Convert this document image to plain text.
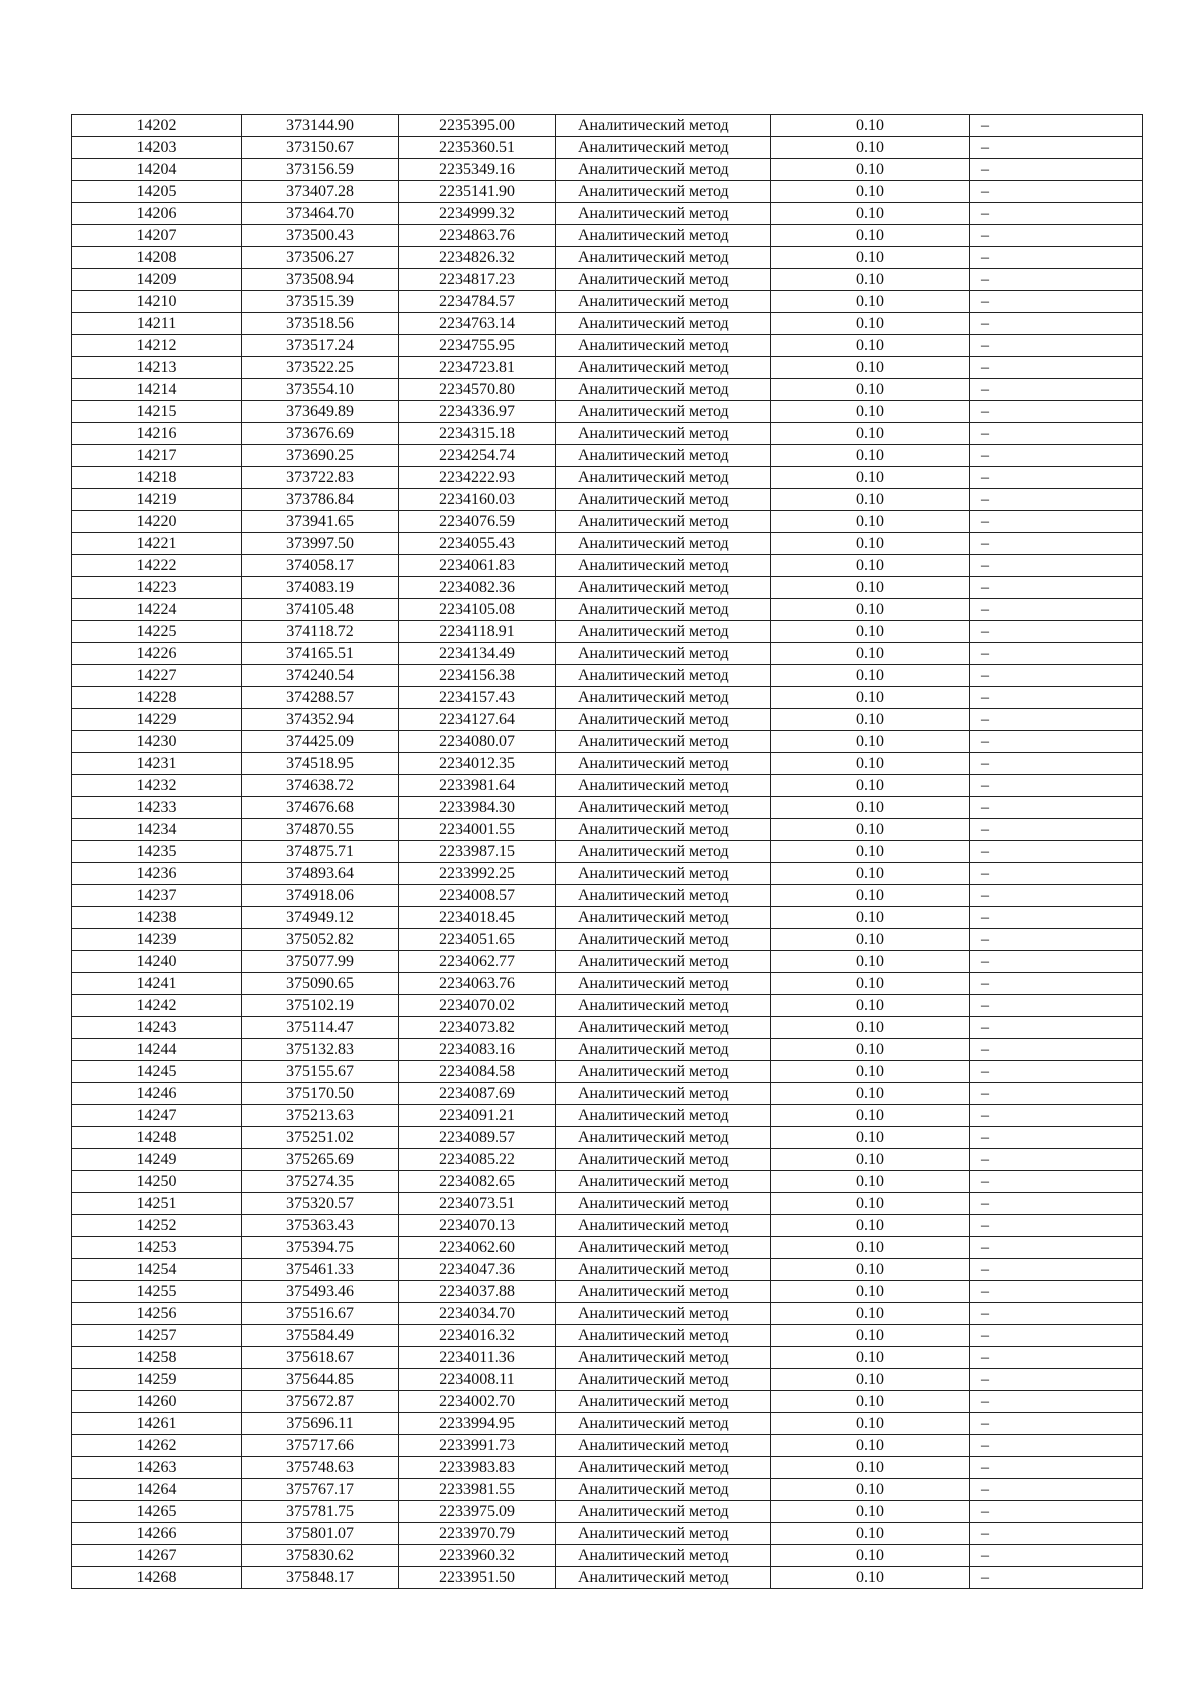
14202	373144.90	2235395.00	Аналитический метод	0.10	–
14203	373150.67	2235360.51	Аналитический метод	0.10	–
14204	373156.59	2235349.16	Аналитический метод	0.10	–
14205	373407.28	2235141.90	Аналитический метод	0.10	–
14206	373464.70	2234999.32	Аналитический метод	0.10	–
14207	373500.43	2234863.76	Аналитический метод	0.10	–
14208	373506.27	2234826.32	Аналитический метод	0.10	–
14209	373508.94	2234817.23	Аналитический метод	0.10	–
14210	373515.39	2234784.57	Аналитический метод	0.10	–
14211	373518.56	2234763.14	Аналитический метод	0.10	–
14212	373517.24	2234755.95	Аналитический метод	0.10	–
14213	373522.25	2234723.81	Аналитический метод	0.10	–
14214	373554.10	2234570.80	Аналитический метод	0.10	–
14215	373649.89	2234336.97	Аналитический метод	0.10	–
14216	373676.69	2234315.18	Аналитический метод	0.10	–
14217	373690.25	2234254.74	Аналитический метод	0.10	–
14218	373722.83	2234222.93	Аналитический метод	0.10	–
14219	373786.84	2234160.03	Аналитический метод	0.10	–
14220	373941.65	2234076.59	Аналитический метод	0.10	–
14221	373997.50	2234055.43	Аналитический метод	0.10	–
14222	374058.17	2234061.83	Аналитический метод	0.10	–
14223	374083.19	2234082.36	Аналитический метод	0.10	–
14224	374105.48	2234105.08	Аналитический метод	0.10	–
14225	374118.72	2234118.91	Аналитический метод	0.10	–
14226	374165.51	2234134.49	Аналитический метод	0.10	–
14227	374240.54	2234156.38	Аналитический метод	0.10	–
14228	374288.57	2234157.43	Аналитический метод	0.10	–
14229	374352.94	2234127.64	Аналитический метод	0.10	–
14230	374425.09	2234080.07	Аналитический метод	0.10	–
14231	374518.95	2234012.35	Аналитический метод	0.10	–
14232	374638.72	2233981.64	Аналитический метод	0.10	–
14233	374676.68	2233984.30	Аналитический метод	0.10	–
14234	374870.55	2234001.55	Аналитический метод	0.10	–
14235	374875.71	2233987.15	Аналитический метод	0.10	–
14236	374893.64	2233992.25	Аналитический метод	0.10	–
14237	374918.06	2234008.57	Аналитический метод	0.10	–
14238	374949.12	2234018.45	Аналитический метод	0.10	–
14239	375052.82	2234051.65	Аналитический метод	0.10	–
14240	375077.99	2234062.77	Аналитический метод	0.10	–
14241	375090.65	2234063.76	Аналитический метод	0.10	–
14242	375102.19	2234070.02	Аналитический метод	0.10	–
14243	375114.47	2234073.82	Аналитический метод	0.10	–
14244	375132.83	2234083.16	Аналитический метод	0.10	–
14245	375155.67	2234084.58	Аналитический метод	0.10	–
14246	375170.50	2234087.69	Аналитический метод	0.10	–
14247	375213.63	2234091.21	Аналитический метод	0.10	–
14248	375251.02	2234089.57	Аналитический метод	0.10	–
14249	375265.69	2234085.22	Аналитический метод	0.10	–
14250	375274.35	2234082.65	Аналитический метод	0.10	–
14251	375320.57	2234073.51	Аналитический метод	0.10	–
14252	375363.43	2234070.13	Аналитический метод	0.10	–
14253	375394.75	2234062.60	Аналитический метод	0.10	–
14254	375461.33	2234047.36	Аналитический метод	0.10	–
14255	375493.46	2234037.88	Аналитический метод	0.10	–
14256	375516.67	2234034.70	Аналитический метод	0.10	–
14257	375584.49	2234016.32	Аналитический метод	0.10	–
14258	375618.67	2234011.36	Аналитический метод	0.10	–
14259	375644.85	2234008.11	Аналитический метод	0.10	–
14260	375672.87	2234002.70	Аналитический метод	0.10	–
14261	375696.11	2233994.95	Аналитический метод	0.10	–
14262	375717.66	2233991.73	Аналитический метод	0.10	–
14263	375748.63	2233983.83	Аналитический метод	0.10	–
14264	375767.17	2233981.55	Аналитический метод	0.10	–
14265	375781.75	2233975.09	Аналитический метод	0.10	–
14266	375801.07	2233970.79	Аналитический метод	0.10	–
14267	375830.62	2233960.32	Аналитический метод	0.10	–
14268	375848.17	2233951.50	Аналитический метод	0.10	–
